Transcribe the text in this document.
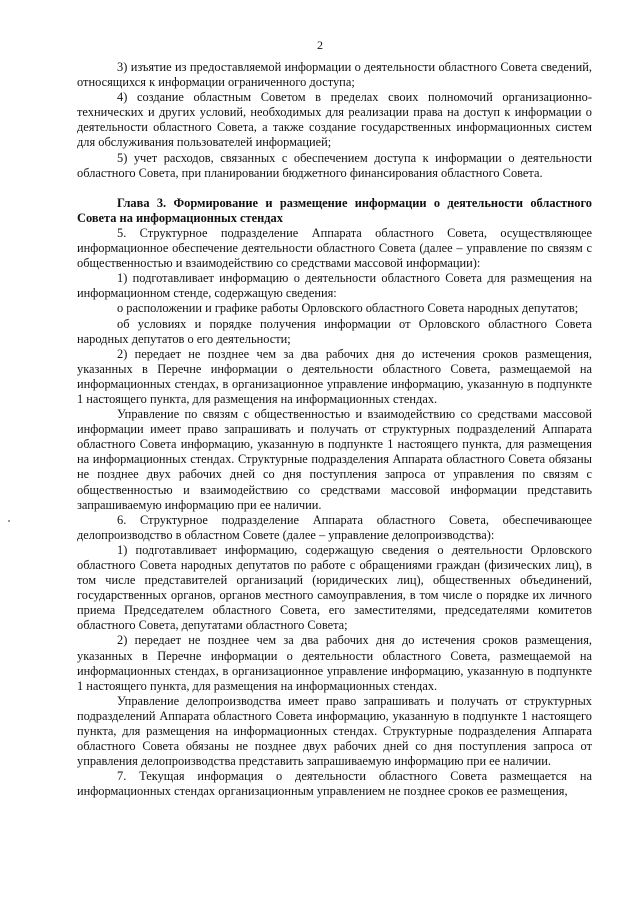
2

3) изъятие из предоставляемой информации о деятельности областного Совета сведений, относящихся к информации ограниченного доступа;

4) создание областным Советом в пределах своих полномочий организационно-технических и других условий, необходимых для реализации права на доступ к информации о деятельности областного Совета, а также создание государственных информационных систем для обслуживания пользователей информацией;

5) учет расходов, связанных с обеспечением доступа к информации о деятельности областного Совета, при планировании бюджетного финансирования областного Совета.

Глава 3. Формирование и размещение информации о деятельности областного Совета на информационных стендах

5. Структурное подразделение Аппарата областного Совета, осуществляющее информационное обеспечение деятельности областного Совета (далее – управление по связям с общественностью и взаимодействию со средствами массовой информации):

1) подготавливает информацию о деятельности областного Совета для размещения на информационном стенде, содержащую сведения:

о расположении и графике работы Орловского областного Совета народных депутатов;

об условиях и порядке получения информации от Орловского областного Совета народных депутатов о его деятельности;

2) передает не позднее чем за два рабочих дня до истечения сроков размещения, указанных в Перечне информации о деятельности областного Совета, размещаемой на информационных стендах, в организационное управление информацию, указанную в подпункте 1 настоящего пункта, для размещения на информационных стендах.

Управление по связям с общественностью и взаимодействию со средствами массовой информации имеет право запрашивать и получать от структурных подразделений Аппарата областного Совета информацию, указанную в подпункте 1 настоящего пункта, для размещения на информационных стендах. Структурные подразделения Аппарата областного Совета обязаны не позднее двух рабочих дней со дня поступления запроса от управления по связям с общественностью и взаимодействию со средствами массовой информации представить запрашиваемую информацию при ее наличии.

6. Структурное подразделение Аппарата областного Совета, обеспечивающее делопроизводство в областном Совете (далее – управление делопроизводства):

1) подготавливает информацию, содержащую сведения о деятельности Орловского областного Совета народных депутатов по работе с обращениями граждан (физических лиц), в том числе представителей организаций (юридических лиц), общественных объединений, государственных органов, органов местного самоуправления, в том числе о порядке их личного приема Председателем областного Совета, его заместителями, председателями комитетов областного Совета, депутатами областного Совета;

2) передает не позднее чем за два рабочих дня до истечения сроков размещения, указанных в Перечне информации о деятельности областного Совета, размещаемой на информационных стендах, в организационное управление информацию, указанную в подпункте 1 настоящего пункта, для размещения на информационных стендах.

Управление делопроизводства имеет право запрашивать и получать от структурных подразделений Аппарата областного Совета информацию, указанную в подпункте 1 настоящего пункта, для размещения на информационных стендах. Структурные подразделения Аппарата областного Совета обязаны не позднее двух рабочих дней со дня поступления запроса от управления делопроизводства представить запрашиваемую информацию при ее наличии.

7. Текущая информация о деятельности областного Совета размещается на информационных стендах организационным управлением не позднее сроков ее размещения,
